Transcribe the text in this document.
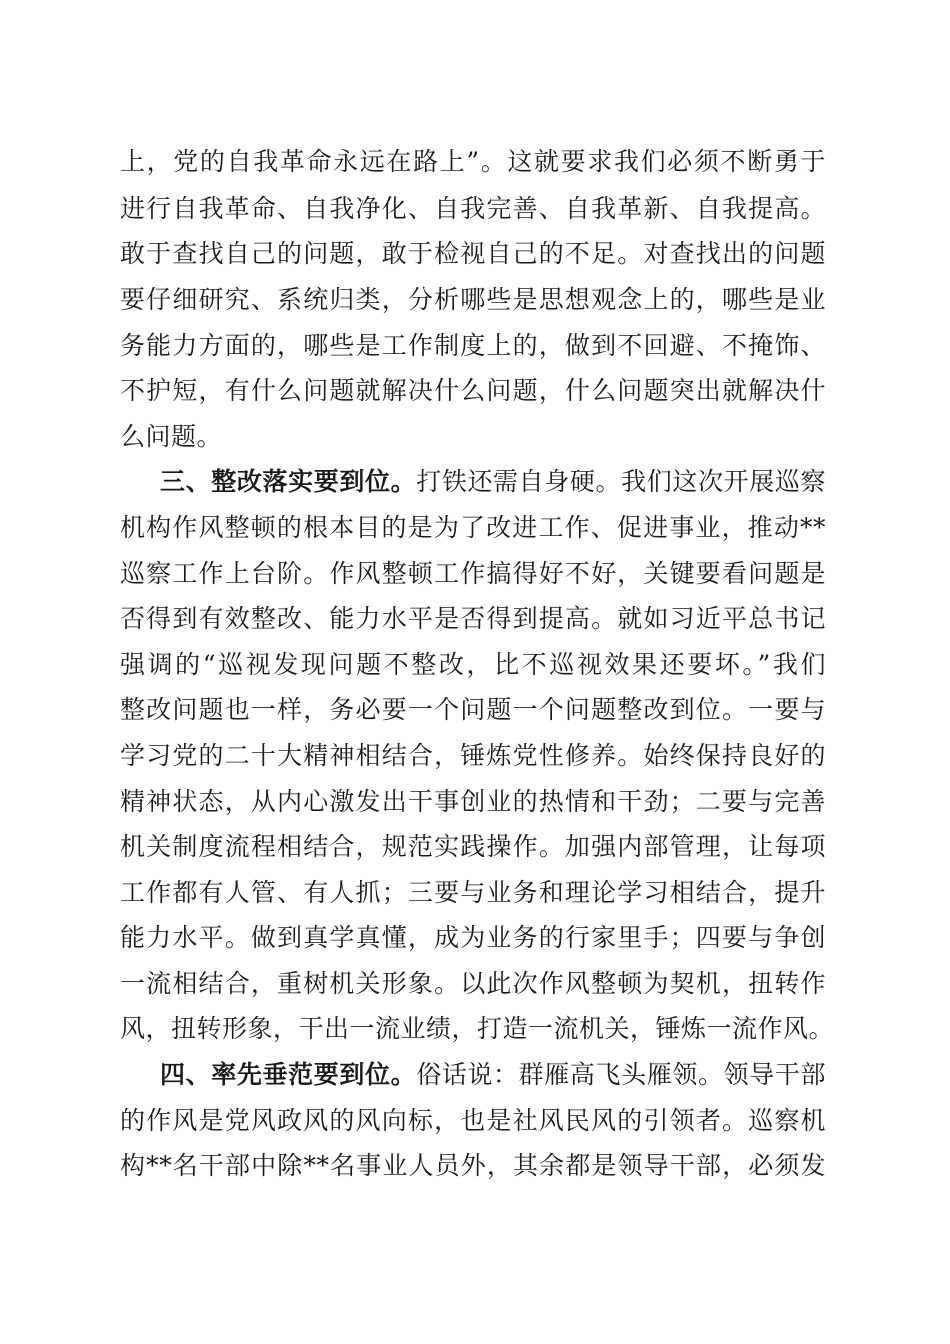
上，党的自我革命永远在路上”。这就要求我们必须不断勇于
进行自我革命、自我净化、自我完善、自我革新、自我提高。
敢于查找自己的问题，敢于检视自己的不足。对查找出的问题
要仔细研究、系统归类，分析哪些是思想观念上的，哪些是业
务能力方面的，哪些是工作制度上的，做到不回避、不掩饰、
不护短，有什么问题就解决什么问题，什么问题突出就解决什
么问题。
三、整改落实要到位。打铁还需自身硬。我们这次开展巡察
机构作风整顿的根本目的是为了改进工作、促进事业，推动**
巡察工作上台阶。作风整顿工作搞得好不好，关键要看问题是
否得到有效整改、能力水平是否得到提高。就如习近平总书记
强调的“巡视发现问题不整改，比不巡视效果还要坏。”我们
整改问题也一样，务必要一个问题一个问题整改到位。一要与
学习党的二十大精神相结合，锤炼党性修养。始终保持良好的
精神状态，从内心激发出干事创业的热情和干劲；二要与完善
机关制度流程相结合，规范实践操作。加强内部管理，让每项
工作都有人管、有人抓；三要与业务和理论学习相结合，提升
能力水平。做到真学真懂，成为业务的行家里手；四要与争创
一流相结合，重树机关形象。以此次作风整顿为契机，扭转作
风，扭转形象，干出一流业绩，打造一流机关，锤炼一流作风。
四、率先垂范要到位。俗话说：群雁高飞头雁领。领导干部
的作风是党风政风的风向标，也是社风民风的引领者。巡察机
构**名干部中除**名事业人员外，其余都是领导干部，必须发
